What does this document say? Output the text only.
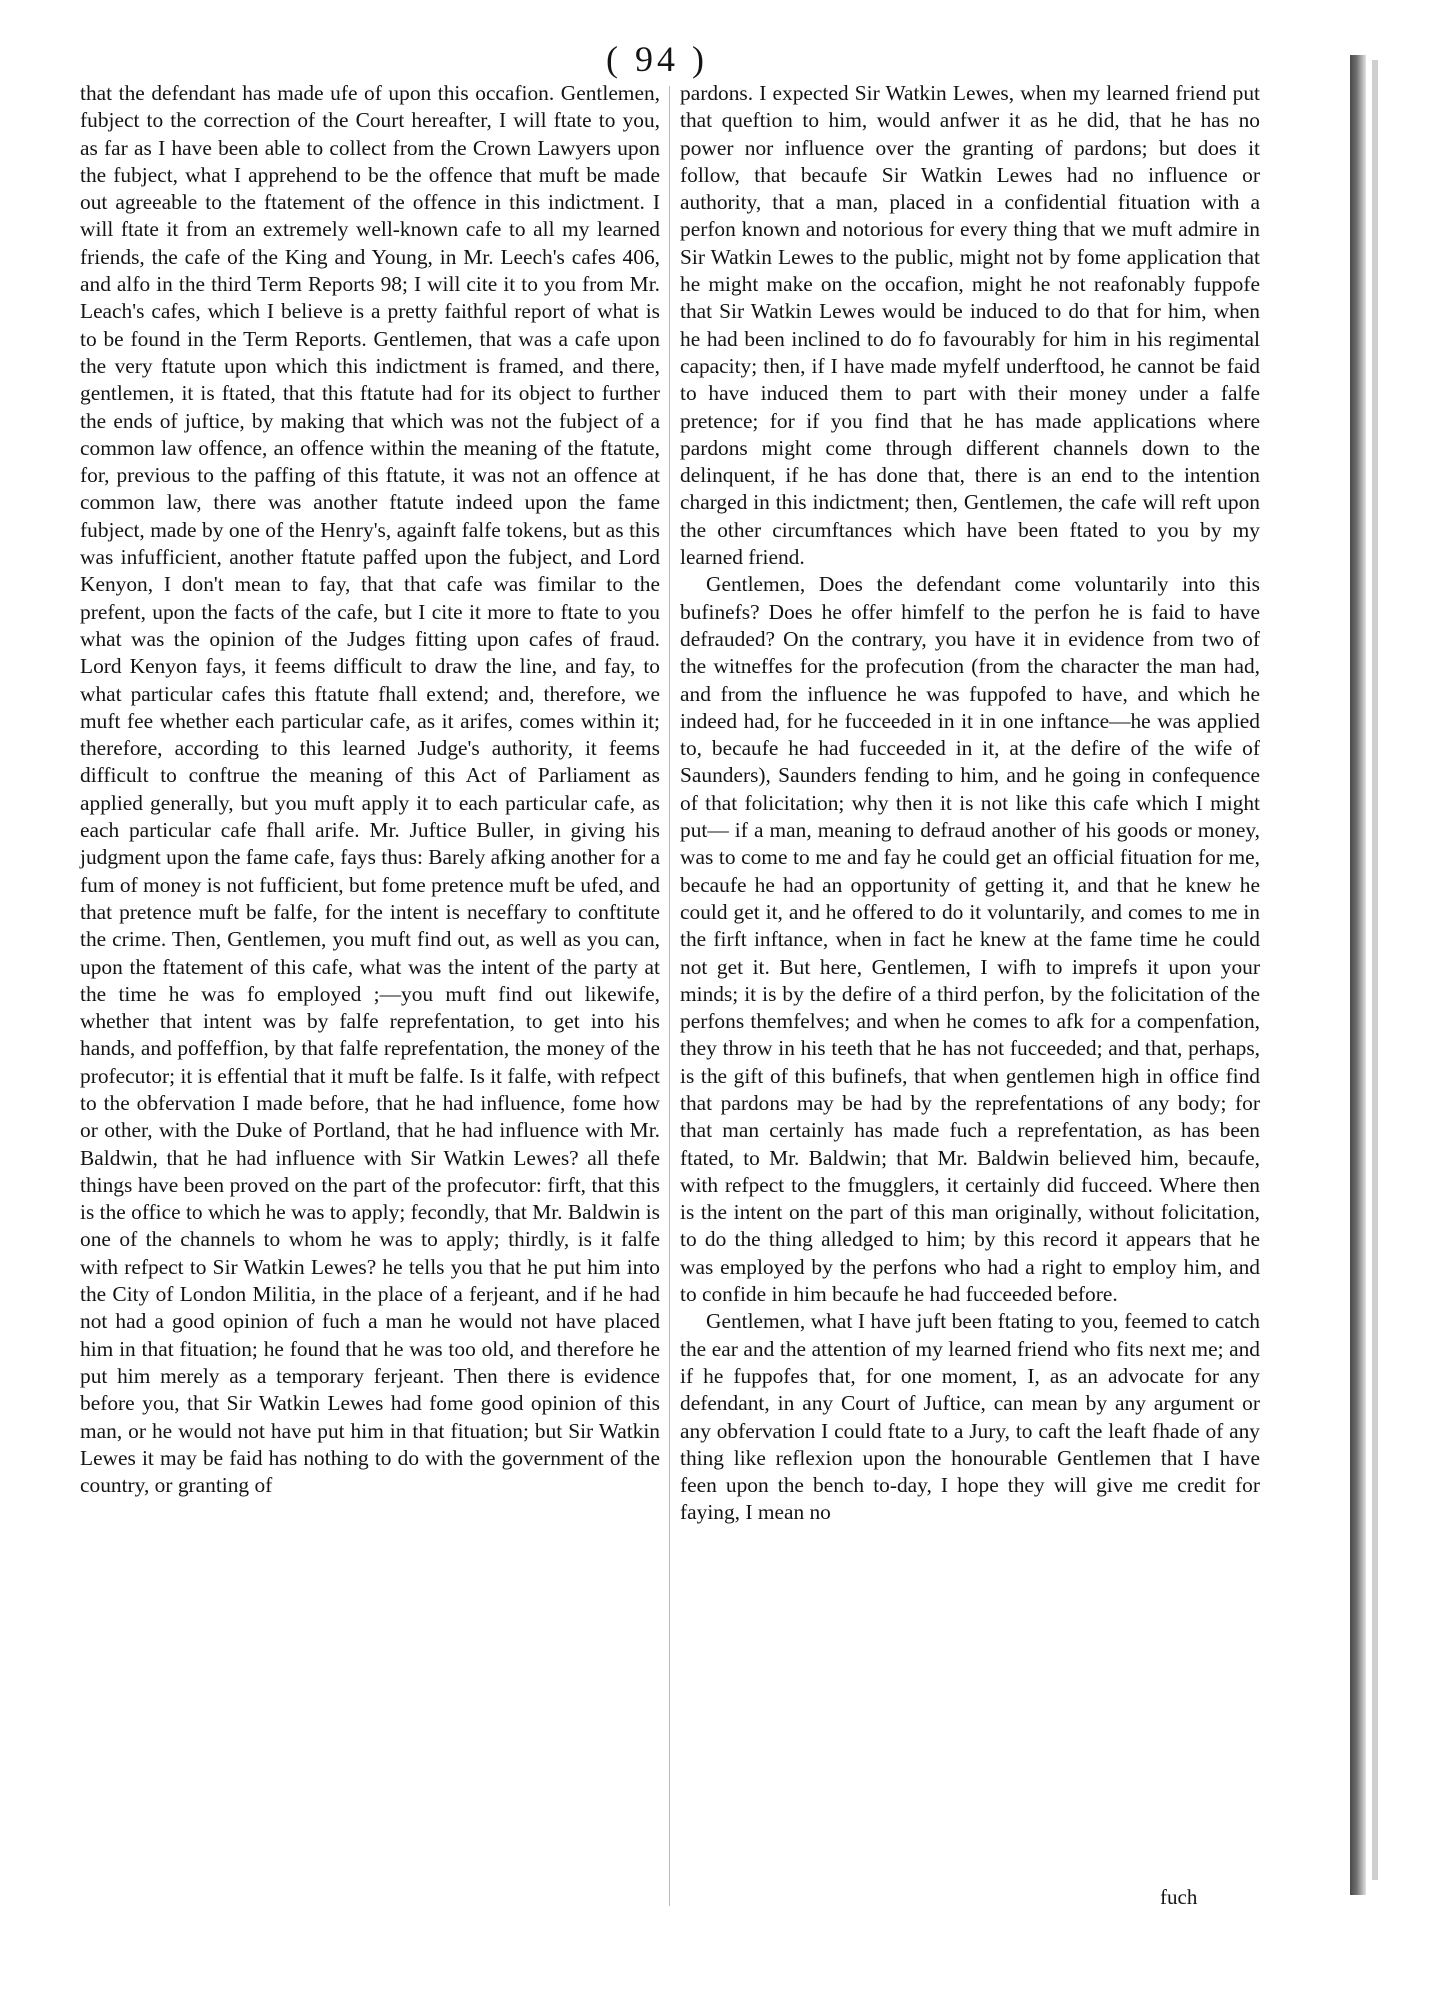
( 94 )

that the defendant has made ufe of upon this occafion. Gentlemen, fubject to the correction of the Court hereafter, I will ftate to you, as far as I have been able to collect from the Crown Lawyers upon the fubject, what I apprehend to be the offence that muft be made out agreeable to the ftatement of the offence in this indictment. I will ftate it from an extremely well-known cafe to all my learned friends, the cafe of the King and Young, in Mr. Leech's cafes 406, and alfo in the third Term Reports 98; I will cite it to you from Mr. Leach's cafes, which I believe is a pretty faithful report of what is to be found in the Term Reports. Gentlemen, that was a cafe upon the very ftatute upon which this indictment is framed, and there, gentlemen, it is ftated, that this ftatute had for its object to further the ends of juftice, by making that which was not the fubject of a common law offence, an offence within the meaning of the ftatute, for, previous to the paffing of this ftatute, it was not an offence at common law, there was another ftatute indeed upon the fame fubject, made by one of the Henry's, againft falfe tokens, but as this was infufficient, another ftatute paffed upon the fubject, and Lord Kenyon, I don't mean to fay, that that cafe was fimilar to the prefent, upon the facts of the cafe, but I cite it more to ftate to you what was the opinion of the Judges fitting upon cafes of fraud. Lord Kenyon fays, it feems difficult to draw the line, and fay, to what particular cafes this ftatute fhall extend; and, therefore, we muft fee whether each particular cafe, as it arifes, comes within it; therefore, according to this learned Judge's authority, it feems difficult to conftrue the meaning of this Act of Parliament as applied generally, but you muft apply it to each particular cafe, as each particular cafe fhall arife. Mr. Juftice Buller, in giving his judgment upon the fame cafe, fays thus: Barely afking another for a fum of money is not fufficient, but fome pretence muft be ufed, and that pretence muft be falfe, for the intent is neceffary to conftitute the crime. Then, Gentlemen, you muft find out, as well as you can, upon the ftatement of this cafe, what was the intent of the party at the time he was fo employed ;—you muft find out likewife, whether that intent was by falfe reprefentation, to get into his hands, and poffeffion, by that falfe reprefentation, the money of the profecutor; it is effential that it muft be falfe. Is it falfe, with refpect to the obfervation I made before, that he had influence, fome how or other, with the Duke of Portland, that he had influence with Mr. Baldwin, that he had influence with Sir Watkin Lewes? all thefe things have been proved on the part of the profecutor: firft, that this is the office to which he was to apply; fecondly, that Mr. Baldwin is one of the channels to whom he was to apply; thirdly, is it falfe with refpect to Sir Watkin Lewes? he tells you that he put him into the City of London Militia, in the place of a ferjeant, and if he had not had a good opinion of fuch a man he would not have placed him in that fituation; he found that he was too old, and therefore he put him merely as a temporary ferjeant. Then there is evidence before you, that Sir Watkin Lewes had fome good opinion of this man, or he would not have put him in that fituation; but Sir Watkin Lewes it may be faid has nothing to do with the government of the country, or granting of

pardons. I expected Sir Watkin Lewes, when my learned friend put that queftion to him, would anfwer it as he did, that he has no power nor influence over the granting of pardons; but does it follow, that becaufe Sir Watkin Lewes had no influence or authority, that a man, placed in a confidential fituation with a perfon known and notorious for every thing that we muft admire in Sir Watkin Lewes to the public, might not by fome application that he might make on the occafion, might he not reafonably fuppofe that Sir Watkin Lewes would be induced to do that for him, when he had been inclined to do fo favourably for him in his regimental capacity; then, if I have made myfelf underftood, he cannot be faid to have induced them to part with their money under a falfe pretence; for if you find that he has made applications where pardons might come through different channels down to the delinquent, if he has done that, there is an end to the intention charged in this indictment; then, Gentlemen, the cafe will reft upon the other circumftances which have been ftated to you by my learned friend.

Gentlemen, Does the defendant come voluntarily into this bufinefs? Does he offer himfelf to the perfon he is faid to have defrauded? On the contrary, you have it in evidence from two of the witneffes for the profecution (from the character the man had, and from the influence he was fuppofed to have, and which he indeed had, for he fucceeded in it in one inftance—he was applied to, becaufe he had fucceeded in it, at the defire of the wife of Saunders), Saunders fending to him, and he going in confequence of that folicitation; why then it is not like this cafe which I might put— if a man, meaning to defraud another of his goods or money, was to come to me and fay he could get an official fituation for me, becaufe he had an opportunity of getting it, and that he knew he could get it, and he offered to do it voluntarily, and comes to me in the firft inftance, when in fact he knew at the fame time he could not get it. But here, Gentlemen, I wifh to imprefs it upon your minds; it is by the defire of a third perfon, by the folicitation of the perfons themfelves; and when he comes to afk for a compenfation, they throw in his teeth that he has not fucceeded; and that, perhaps, is the gift of this bufinefs, that when gentlemen high in office find that pardons may be had by the reprefentations of any body; for that man certainly has made fuch a reprefentation, as has been ftated, to Mr. Baldwin; that Mr. Baldwin believed him, becaufe, with refpect to the fmugglers, it certainly did fucceed. Where then is the intent on the part of this man originally, without folicitation, to do the thing alledged to him; by this record it appears that he was employed by the perfons who had a right to employ him, and to confide in him becaufe he had fucceeded before.

Gentlemen, what I have juft been ftating to you, feemed to catch the ear and the attention of my learned friend who fits next me; and if he fuppofes that, for one moment, I, as an advocate for any defendant, in any Court of Juftice, can mean by any argument or any obfervation I could ftate to a Jury, to caft the leaft fhade of any thing like reflexion upon the honourable Gentlemen that I have feen upon the bench to-day, I hope they will give me credit for faying, I mean no

fuch
